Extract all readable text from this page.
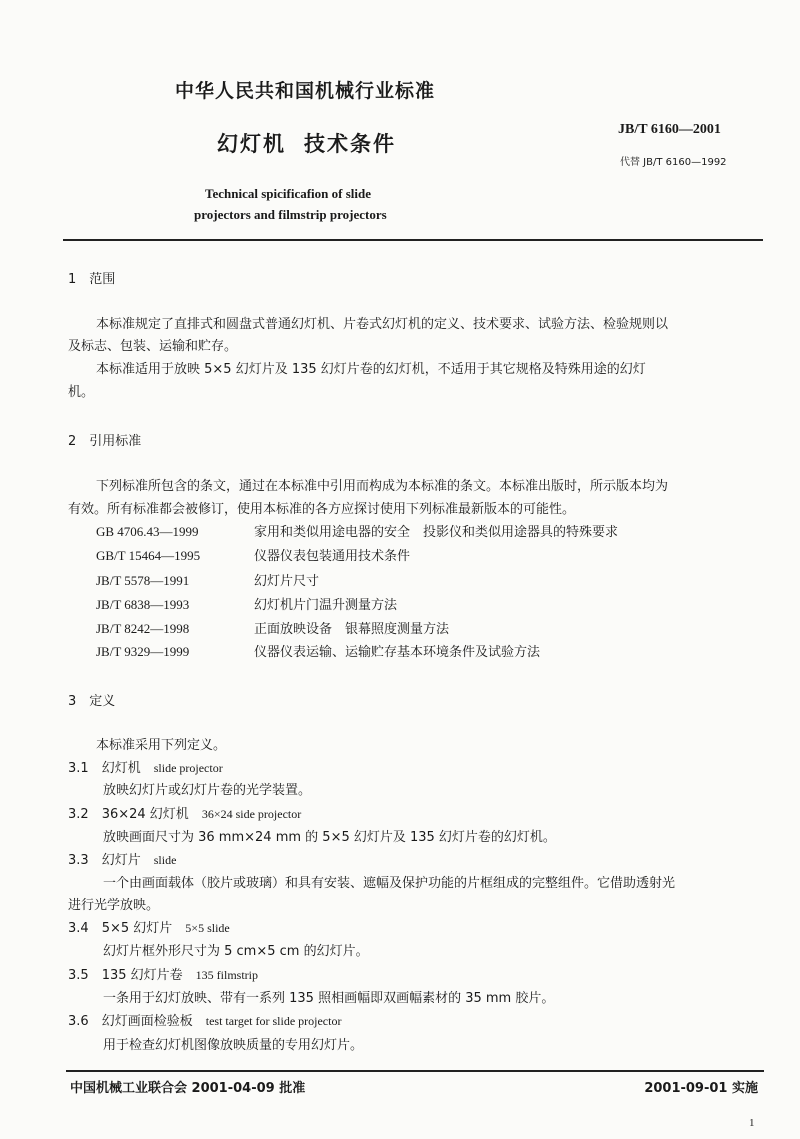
中华人民共和国机械行业标准
幻灯机 技术条件
JB/T 6160—2001
代替 JB/T 6160—1992
Technical spicificafion of slide
projectors and filmstrip projectors
1　范围
本标准规定了直排式和圆盘式普通幻灯机、片卷式幻灯机的定义、技术要求、试验方法、检验规则以
及标志、包装、运输和贮存。
本标准适用于放映 5×5 幻灯片及 135 幻灯片卷的幻灯机，不适用于其它规格及特殊用途的幻灯
机。
2　引用标准
下列标准所包含的条文，通过在本标准中引用而构成为本标准的条文。本标准出版时，所示版本均为
有效。所有标准都会被修订，使用本标准的各方应探讨使用下列标准最新版本的可能性。
GB 4706.43—1999	家用和类似用途电器的安全　投影仪和类似用途器具的特殊要求
GB/T 15464—1995	仪器仪表包装通用技术条件
JB/T 5578—1991	幻灯片尺寸
JB/T 6838—1993	幻灯机片门温升测量方法
JB/T 8242—1998	正面放映设备　银幕照度测量方法
JB/T 9329—1999	仪器仪表运输、运输贮存基本环境条件及试验方法
3　定义
本标准采用下列定义。
3.1　 幻灯机　 slide projector
放映幻灯片或幻灯片卷的光学装置。
3.2　 36×24 幻灯机　 36×24 side projector
放映画面尺寸为 36 mm×24 mm 的 5×5 幻灯片及 135 幻灯片卷的幻灯机。
3.3　 幻灯片　 slide
一个由画面载体（胶片或玻璃）和具有安装、遮幅及保护功能的片框组成的完整组件。它借助透射光
进行光学放映。
3.4　 5×5 幻灯片　 5×5 slide
幻灯片框外形尺寸为 5 cm×5 cm 的幻灯片。
3.5　 135 幻灯片卷　 135 filmstrip
一条用于幻灯放映、带有一系列 135 照相画幅即双画幅素材的 35 mm 胶片。
3.6　 幻灯画面检验板　 test target for slide projector
用于检查幻灯机图像放映质量的专用幻灯片。
中国机械工业联合会 2001-04-09 批准	2001-09-01 实施
1
